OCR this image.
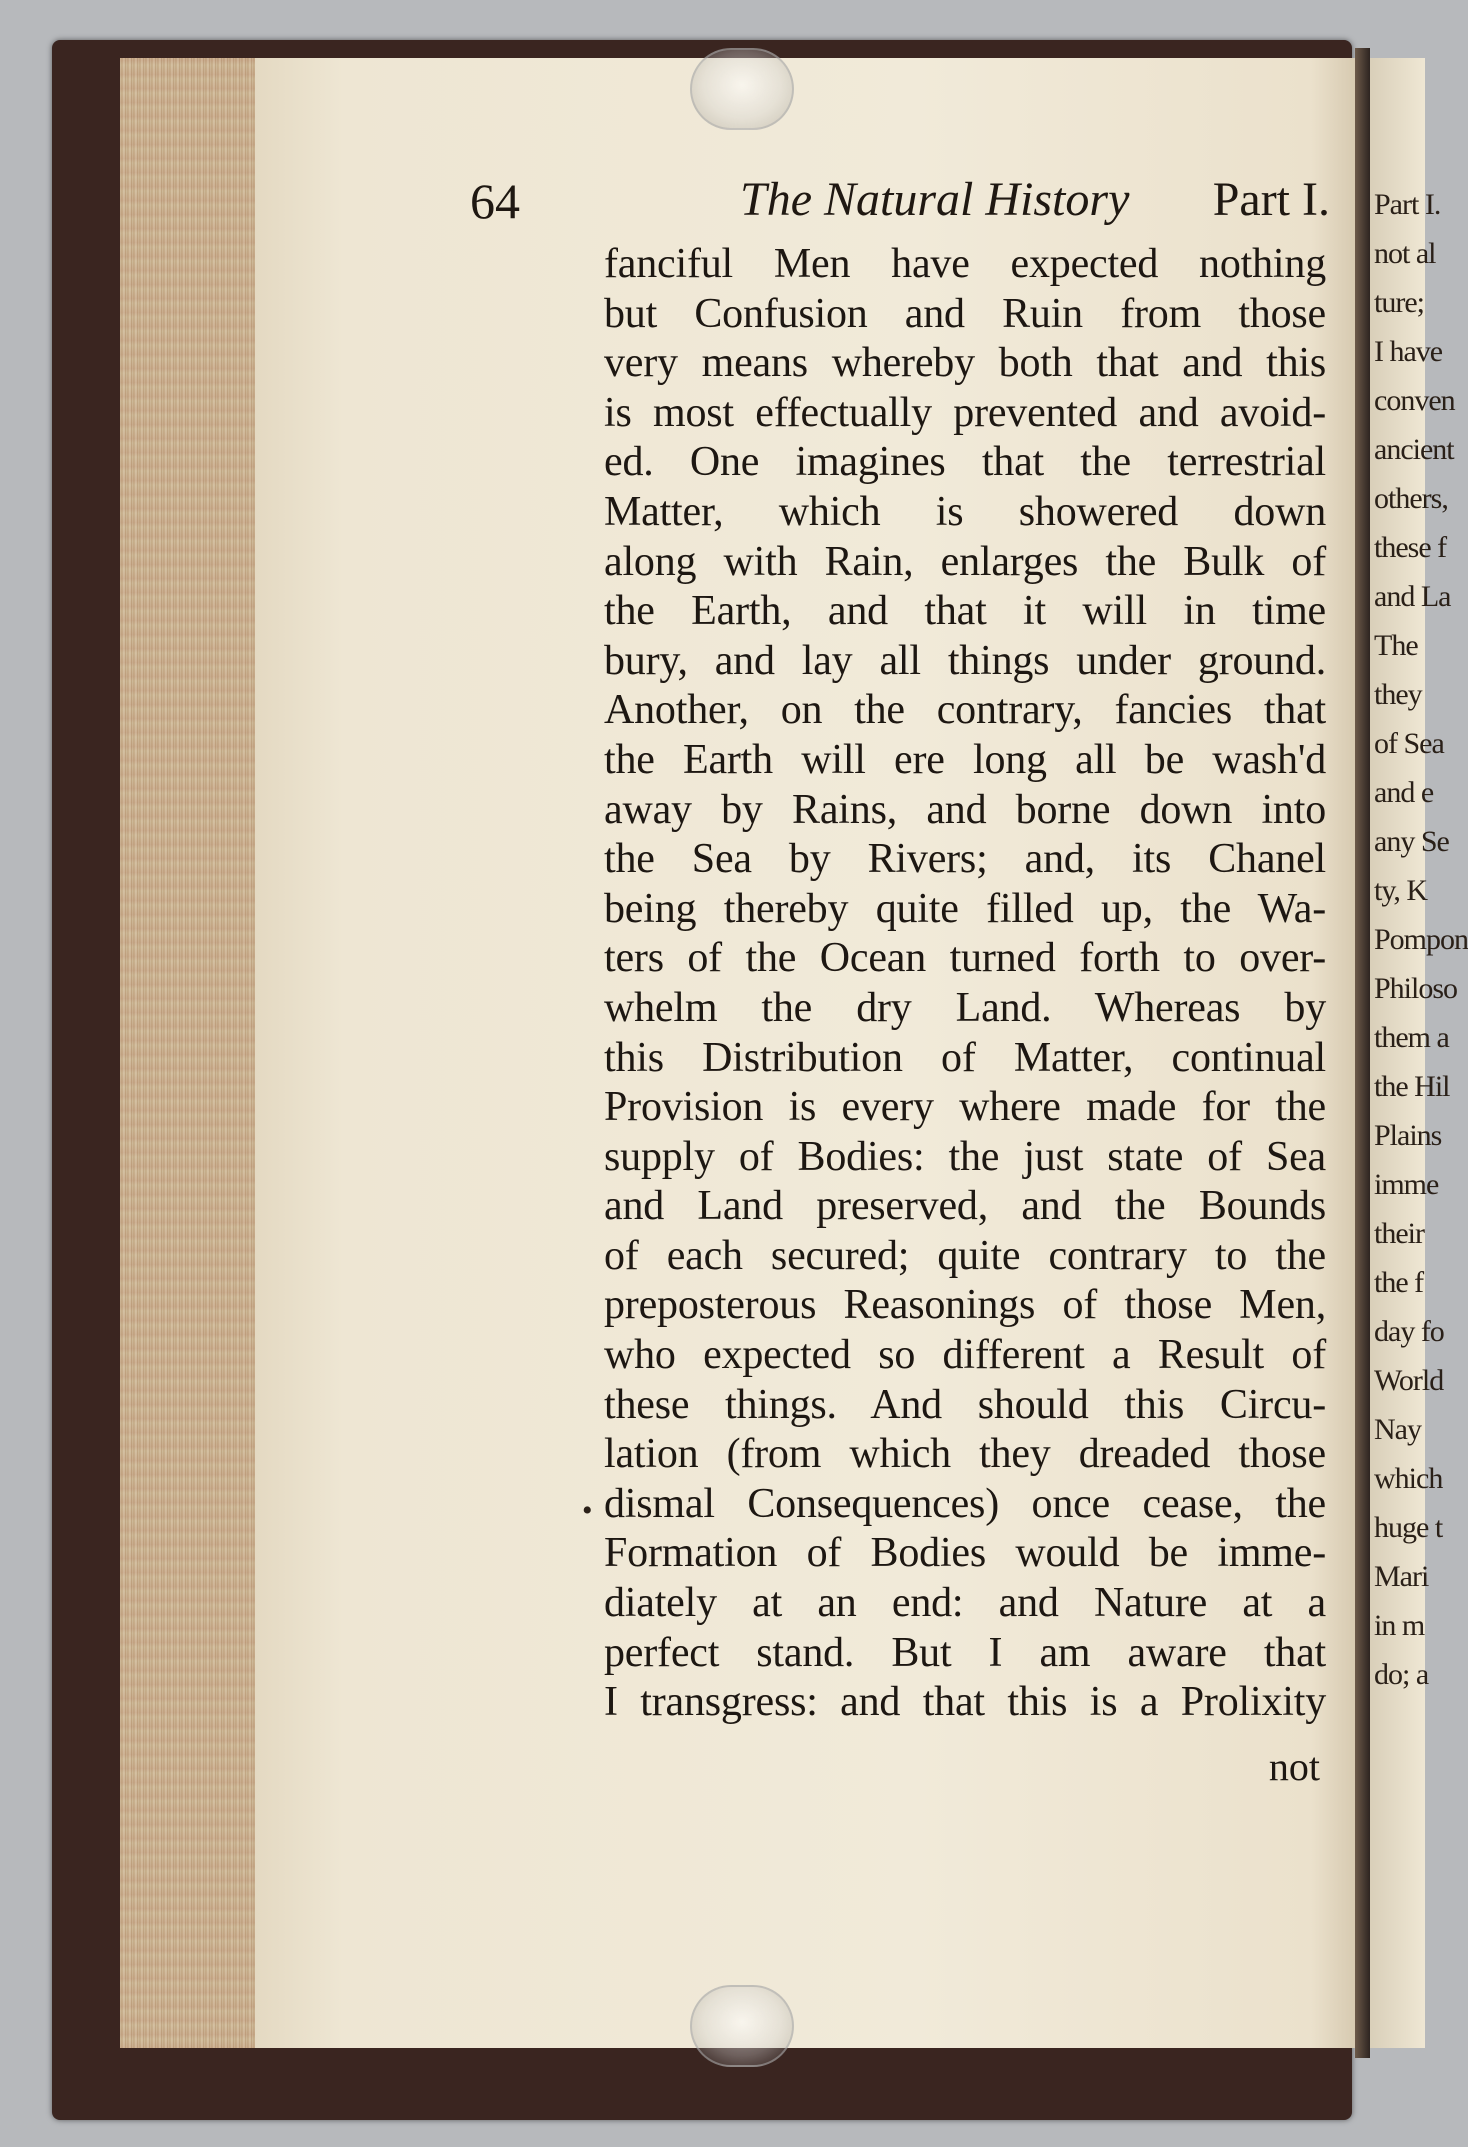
Part I.
not al
ture;
I have
conven
ancient
others,
these f
and La
The
they
of Sea
and e
any Se
ty, K
Pompon
Philoso
them a
the Hil
Plains
imme
their
the f
day fo
World
Nay
which
huge t
Mari
in m
do; a
64	The Natural History Part I.
fanciful Men have expected nothing
but Confusion and Ruin from those
very means whereby both that and this
is most effectually prevented and avoid-
ed. One imagines that the terrestrial
Matter, which is showered down
along with Rain, enlarges the Bulk of
the Earth, and that it will in time
bury, and lay all things under ground.
Another, on the contrary, fancies that
the Earth will ere long all be wash'd
away by Rains, and borne down into
the Sea by Rivers; and, its Chanel
being thereby quite filled up, the Wa-
ters of the Ocean turned forth to over-
whelm the dry Land. Whereas by
this Distribution of Matter, continual
Provision is every where made for the
supply of Bodies: the just state of Sea
and Land preserved, and the Bounds
of each secured; quite contrary to the
preposterous Reasonings of those Men,
who expected so different a Result of
these things. And should this Circu-
lation (from which they dreaded those
dismal Consequences) once cease, the
Formation of Bodies would be imme-
diately at an end: and Nature at a
perfect stand. But I am aware that
I transgress: and that this is a Prolixity
•
not
